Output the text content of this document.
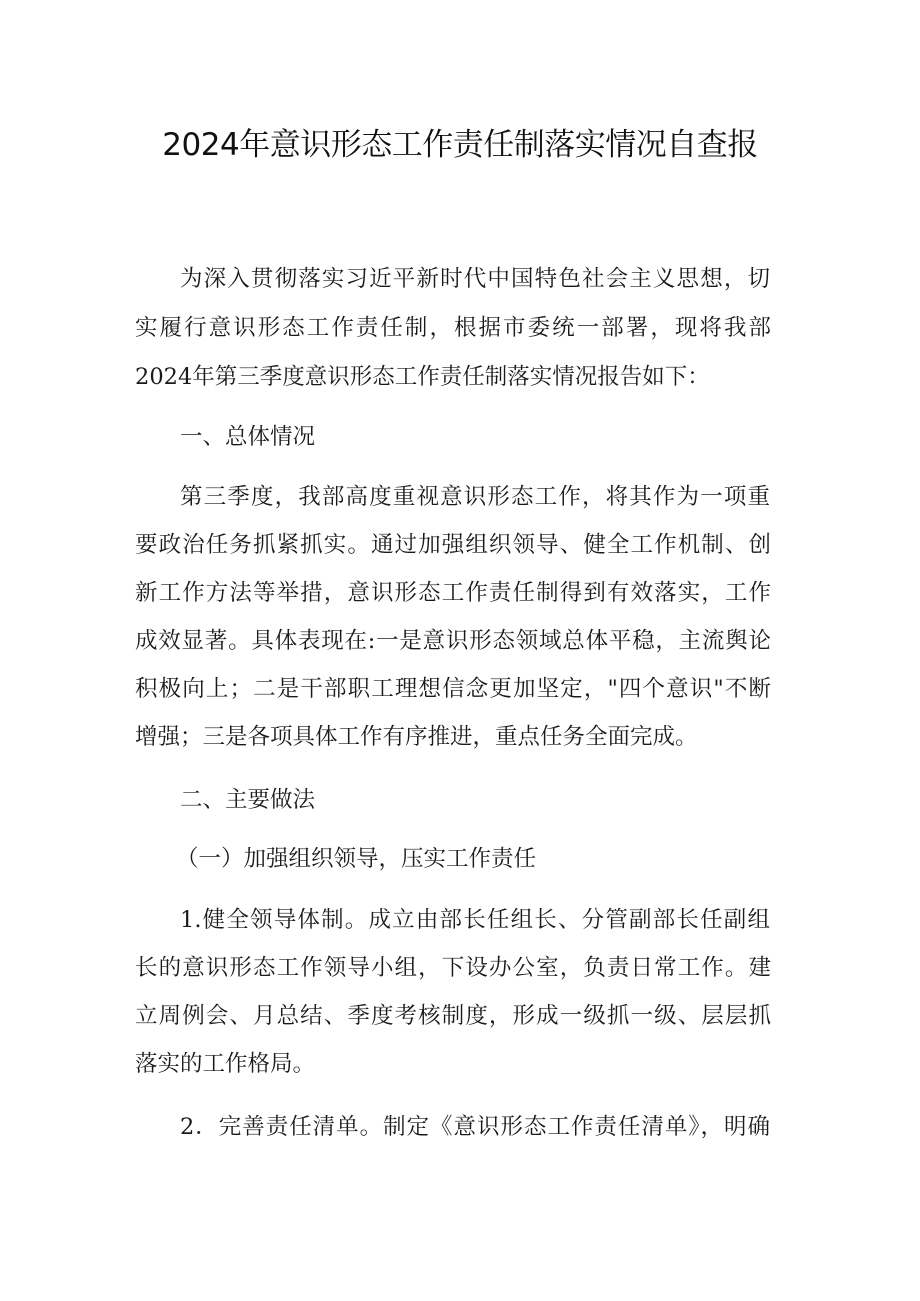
2024年意识形态工作责任制落实情况自查报
为深入贯彻落实习近平新时代中国特色社会主义思想，切
实履行意识形态工作责任制，根据市委统一部署，现将我部
2024年第三季度意识形态工作责任制落实情况报告如下：
一、总体情况
第三季度，我部高度重视意识形态工作，将其作为一项重
要政治任务抓紧抓实。通过加强组织领导、健全工作机制、创
新工作方法等举措，意识形态工作责任制得到有效落实，工作
成效显著。具体表现在:一是意识形态领域总体平稳，主流舆论
积极向上；二是干部职工理想信念更加坚定，"四个意识"不断
增强；三是各项具体工作有序推进，重点任务全面完成。
二、主要做法
（一）加强组织领导，压实工作责任
1.健全领导体制。成立由部长任组长、分管副部长任副组
长的意识形态工作领导小组，下设办公室，负责日常工作。建
立周例会、月总结、季度考核制度，形成一级抓一级、层层抓
落实的工作格局。
2．完善责任清单。制定《意识形态工作责任清单》，明确
